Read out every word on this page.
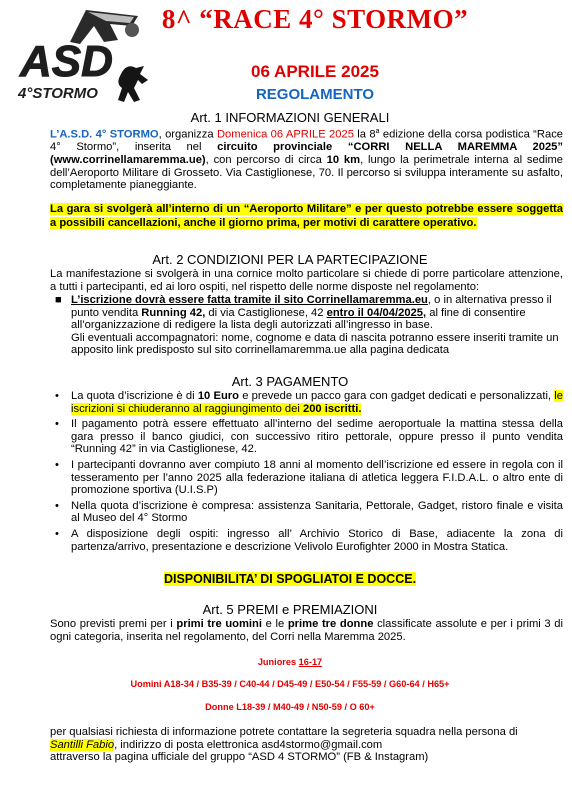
ASD
4°STORMO
8^ “RACE 4° STORMO”
06 APRILE 2025
REGOLAMENTO
Art. 1 INFORMAZIONI GENERALI
L’A.S.D. 4° STORMO, organizza Domenica 06 APRILE 2025 la 8$^a$ edizione della corsa podistica “Race 4° Stormo”, inserita nel circuito provinciale “CORRI NELLA MAREMMA 2025” (www.corrinellamaremma.ue), con percorso di circa 10 km, lungo la perimetrale interna al sedime dell’Aeroporto Militare di Grosseto. Via Castiglionese, 70. Il percorso si sviluppa interamente su asfalto, completamente pianeggiante.
La gara si svolgerà all’interno di un “Aeroporto Militare” e per questo potrebbe essere soggetta a possibili cancellazioni, anche il giorno prima, per motivi di carattere operativo.
Art. 2 CONDIZIONI PER LA PARTECIPAZIONE
La manifestazione si svolgerà in una cornice molto particolare si chiede di porre particolare attenzione, a tutti i partecipanti, ed ai loro ospiti, nel rispetto delle norme disposte nel regolamento:
■ L’iscrizione dovrà essere fatta tramite il sito Corrinellamaremma.eu, o in alternativa presso il punto vendita Running 42, di via Castiglionese, 42 entro il 04/04/2025, al fine di consentire all’organizzazione di redigere la lista degli autorizzati all’ingresso in base.
Gli eventuali accompagnatori: nome, cognome e data di nascita potranno essere inseriti tramite un apposito link predisposto sul sito corrinellamaremma.ue alla pagina dedicata
Art. 3 PAGAMENTO
• La quota d’iscrizione è di 10 Euro e prevede un pacco gara con gadget dedicati e personalizzati, le iscrizioni si chiuderanno al raggiungimento dei 200 iscritti.
• Il pagamento potrà essere effettuato all’interno del sedime aeroportuale la mattina stessa della gara presso il banco giudici, con successivo ritiro pettorale, oppure presso il punto vendita “Running 42” in via Castiglionese, 42.
• I partecipanti dovranno aver compiuto 18 anni al momento dell’iscrizione ed essere in regola con il tesseramento per l’anno 2025 alla federazione italiana di atletica leggera F.I.D.A.L. o altro ente di promozione sportiva (U.I.S.P)
• Nella quota d’iscrizione è compresa: assistenza Sanitaria, Pettorale, Gadget, ristoro finale e visita al Museo del 4° Stormo
• A disposizione degli ospiti: ingresso all’ Archivio Storico di Base, adiacente la zona di partenza/arrivo, presentazione e descrizione Velivolo Eurofighter 2000 in Mostra Statica.
DISPONIBILITA’ DI SPOGLIATOI E DOCCE.
Art. 5 PREMI e PREMIAZIONI
Sono previsti premi per i primi tre uomini e le prime tre donne classificate assolute e per i primi 3 di ogni categoria, inserita nel regolamento, del Corri nella Maremma 2025.
Juniores 16-17
Uomini A18-34 / B35-39 / C40-44 / D45-49 / E50-54 / F55-59 / G60-64 / H65+
Donne L18-39 / M40-49 / N50-59 / O 60+
per qualsiasi richiesta di informazione potrete contattare la segreteria squadra nella persona di
Santilli Fabio, indirizzo di posta elettronica asd4stormo@gmail.com
attraverso la pagina ufficiale del gruppo “ASD 4 STORMO” (FB & Instagram)
